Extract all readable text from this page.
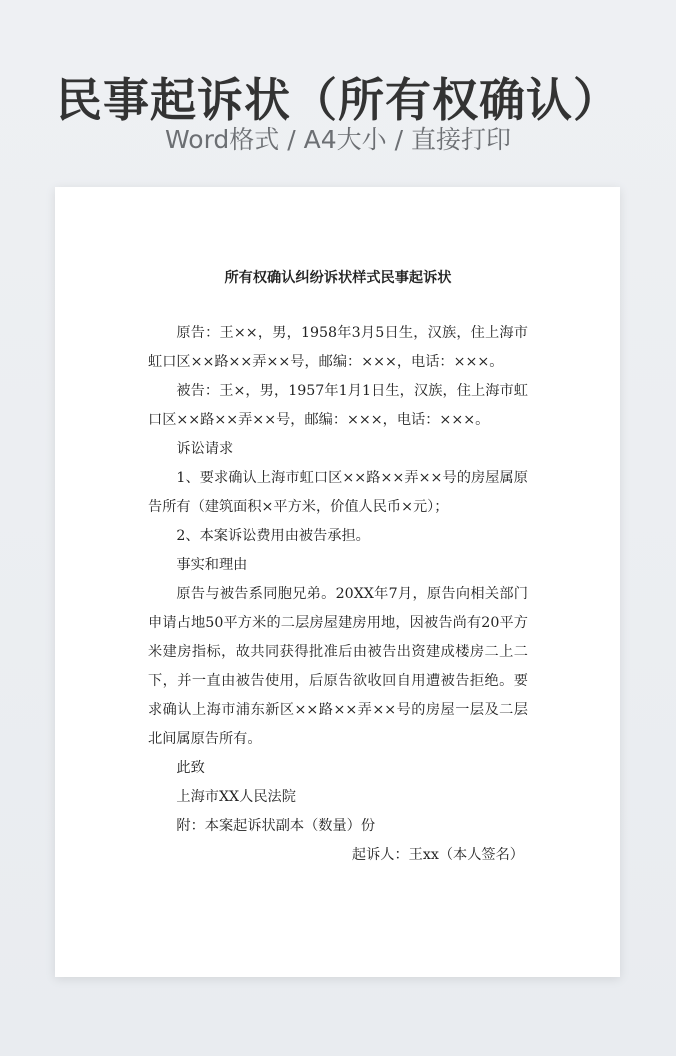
民事起诉状（所有权确认）
Word格式 / A4大小 / 直接打印
所有权确认纠纷诉状样式民事起诉状

原告：王××，男，1958年3月5日生，汉族，住上海市虹口区××路××弄××号，邮编：×××，电话：×××。

被告：王×，男，1957年1月1日生，汉族，住上海市虹口区××路××弄××号，邮编：×××，电话：×××。

诉讼请求

1、要求确认上海市虹口区××路××弄××号的房屋属原告所有（建筑面积×平方米，价值人民币×元）；

2、本案诉讼费用由被告承担。

事实和理由

原告与被告系同胞兄弟。20XX年7月，原告向相关部门申请占地50平方米的二层房屋建房用地，因被告尚有20平方米建房指标，故共同获得批准后由被告出资建成楼房二上二下，并一直由被告使用，后原告欲收回自用遭被告拒绝。要求确认上海市浦东新区××路××弄××号的房屋一层及二层北间属原告所有。

此致

上海市XX人民法院

附：本案起诉状副本（数量）份

起诉人：王xx（本人签名）
